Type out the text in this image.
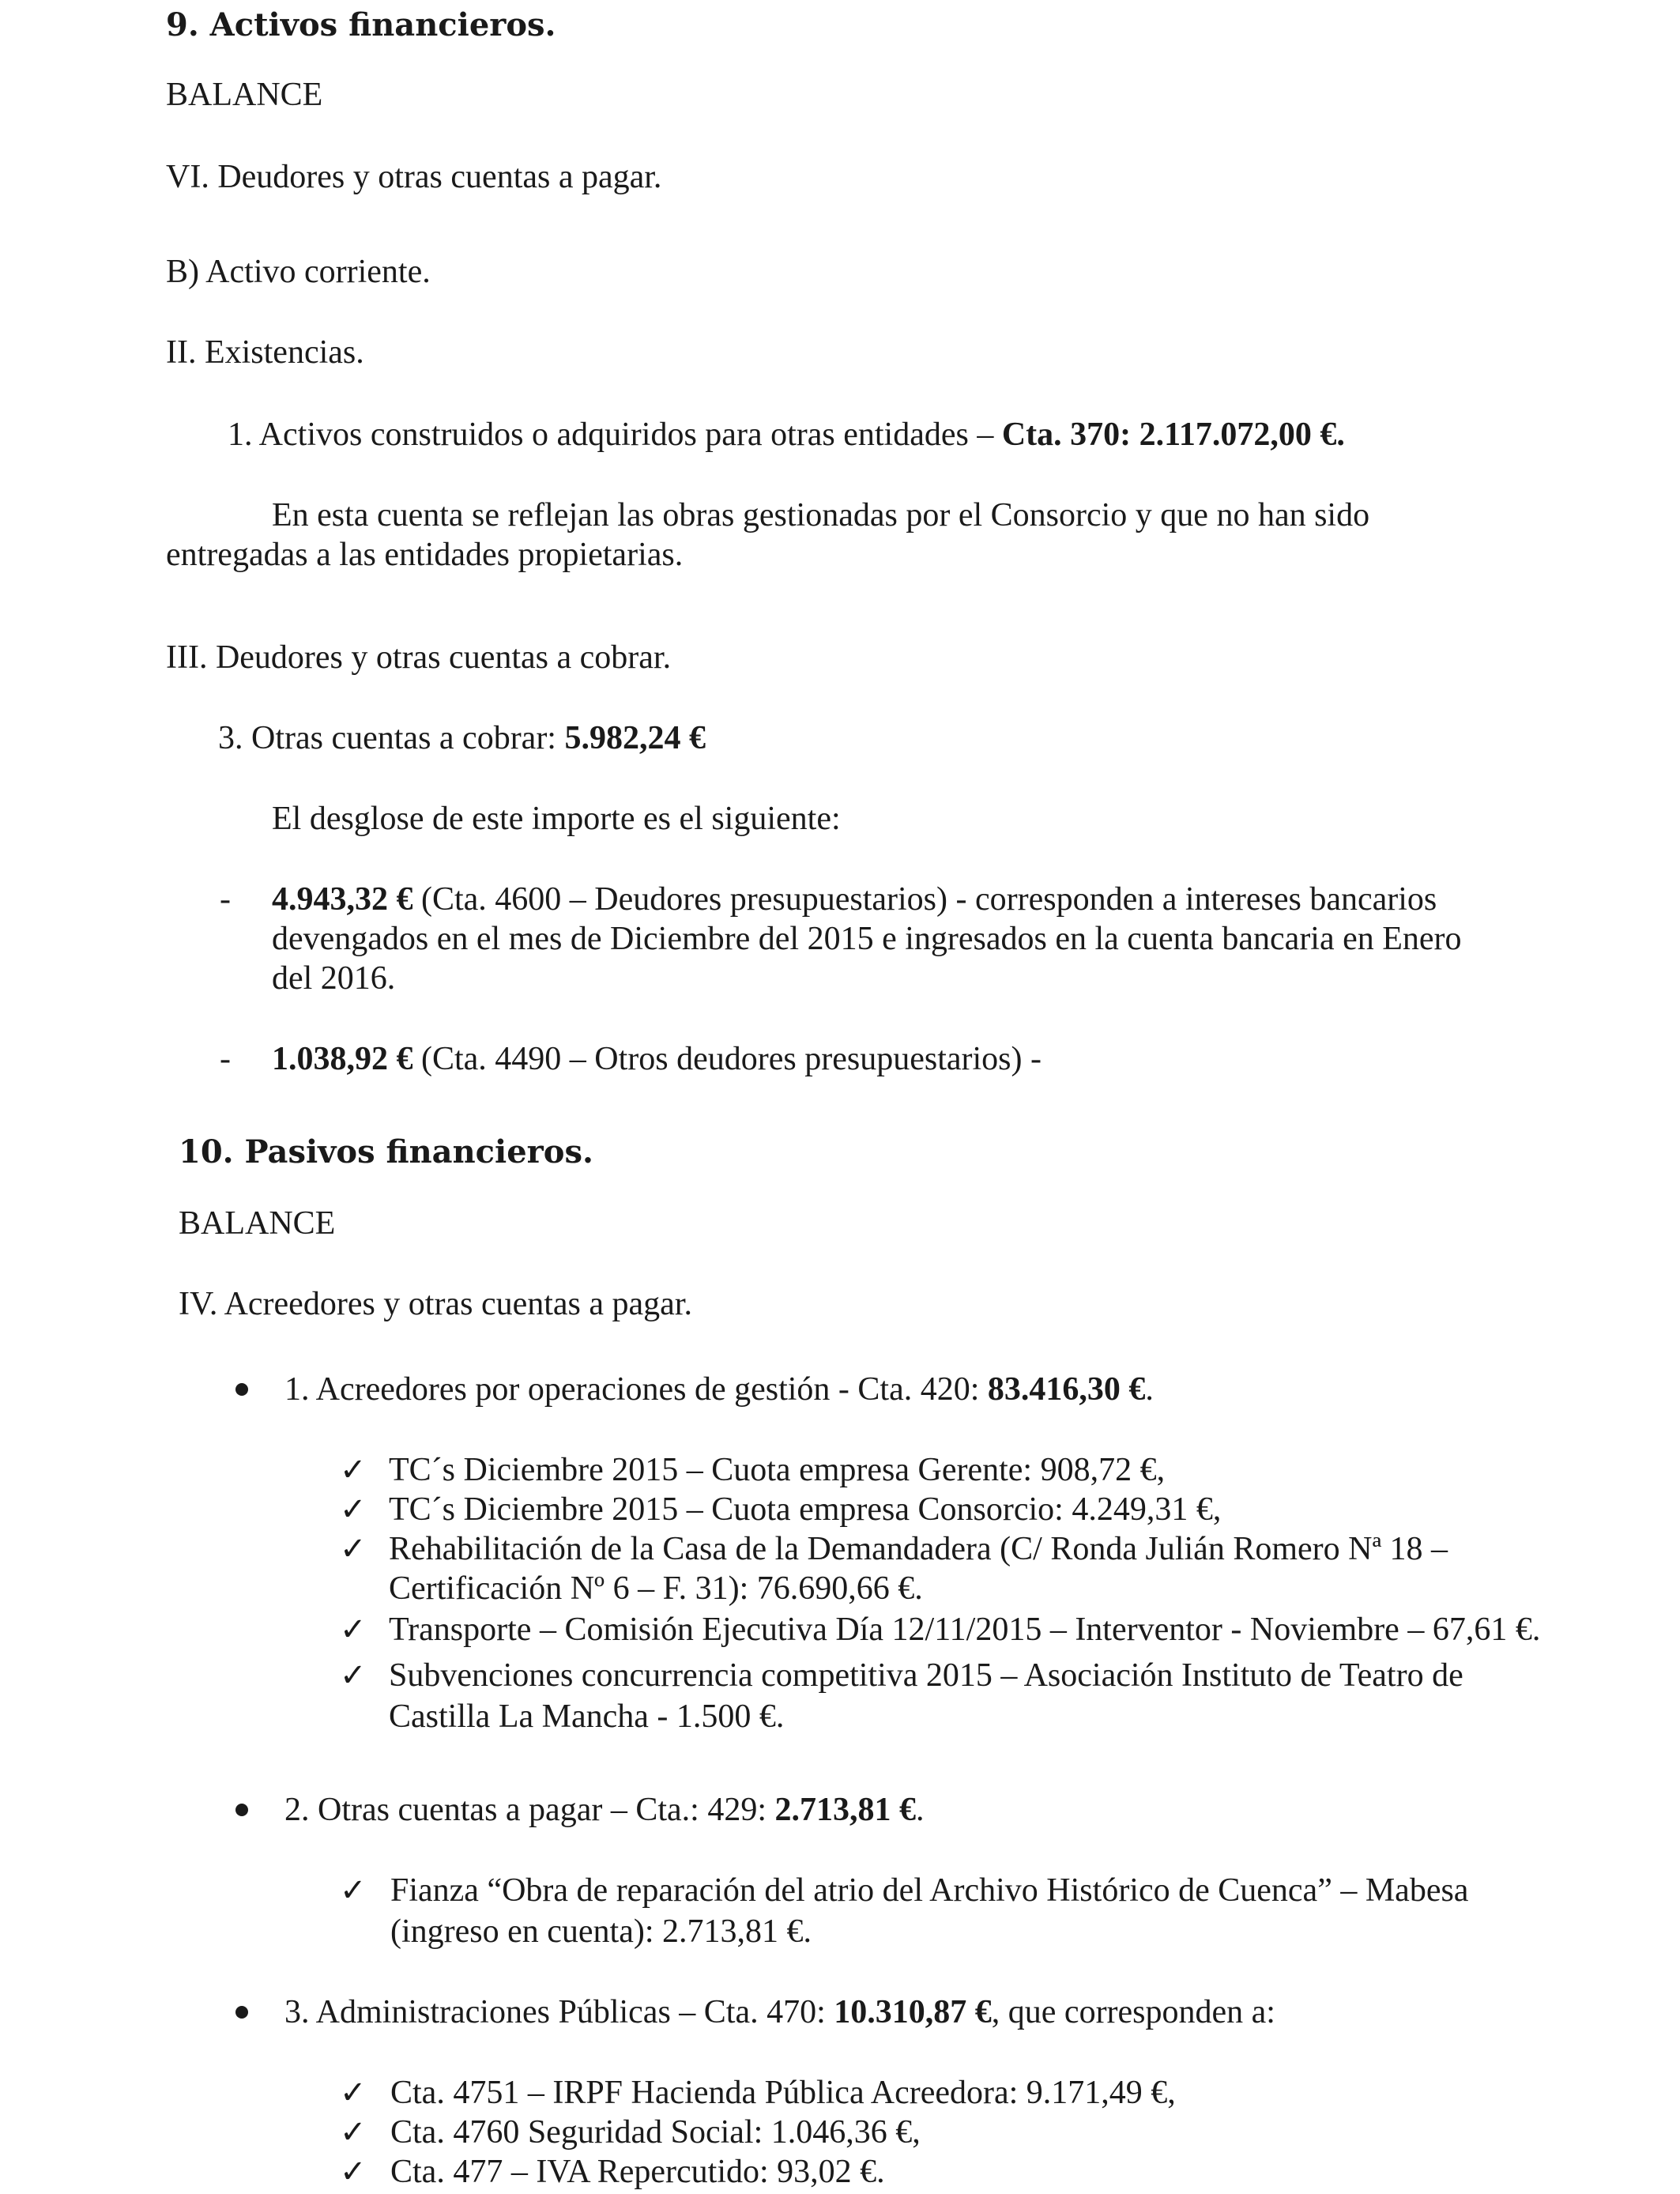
9. Activos financieros.
BALANCE
VI. Deudores y otras cuentas a pagar.
B) Activo corriente.
II. Existencias.
1. Activos construidos o adquiridos para otras entidades – Cta. 370: 2.117.072,00 €.
En esta cuenta se reflejan las obras gestionadas por el Consorcio y que no han sido
entregadas a las entidades propietarias.
III. Deudores y otras cuentas a cobrar.
3. Otras cuentas a cobrar: 5.982,24 €
El desglose de este importe es el siguiente:
- 4.943,32 € (Cta. 4600 – Deudores presupuestarios) - corresponden a intereses bancarios
devengados en el mes de Diciembre del 2015 e ingresados en la cuenta bancaria en Enero
del 2016.
- 1.038,92 € (Cta. 4490 – Otros deudores presupuestarios) -
10. Pasivos financieros.
BALANCE
IV. Acreedores y otras cuentas a pagar.
1. Acreedores por operaciones de gestión - Cta. 420: 83.416,30 €.
✓ TC´s Diciembre 2015 – Cuota empresa Gerente: 908,72 €,
✓ TC´s Diciembre 2015 – Cuota empresa Consorcio: 4.249,31 €,
✓ Rehabilitación de la Casa de la Demandadera (C/ Ronda Julián Romero Nª 18 –
Certificación Nº 6 – F. 31): 76.690,66 €.
✓ Transporte – Comisión Ejecutiva Día 12/11/2015 – Interventor - Noviembre – 67,61 €.
✓ Subvenciones concurrencia competitiva 2015 – Asociación Instituto de Teatro de
Castilla La Mancha - 1.500 €.
2. Otras cuentas a pagar – Cta.: 429: 2.713,81 €.
✓ Fianza “Obra de reparación del atrio del Archivo Histórico de Cuenca” – Mabesa
(ingreso en cuenta): 2.713,81 €.
3. Administraciones Públicas – Cta. 470: 10.310,87 €, que corresponden a:
✓ Cta. 4751 – IRPF Hacienda Pública Acreedora: 9.171,49 €,
✓ Cta. 4760 Seguridad Social: 1.046,36 €,
✓ Cta. 477 – IVA Repercutido: 93,02 €.
